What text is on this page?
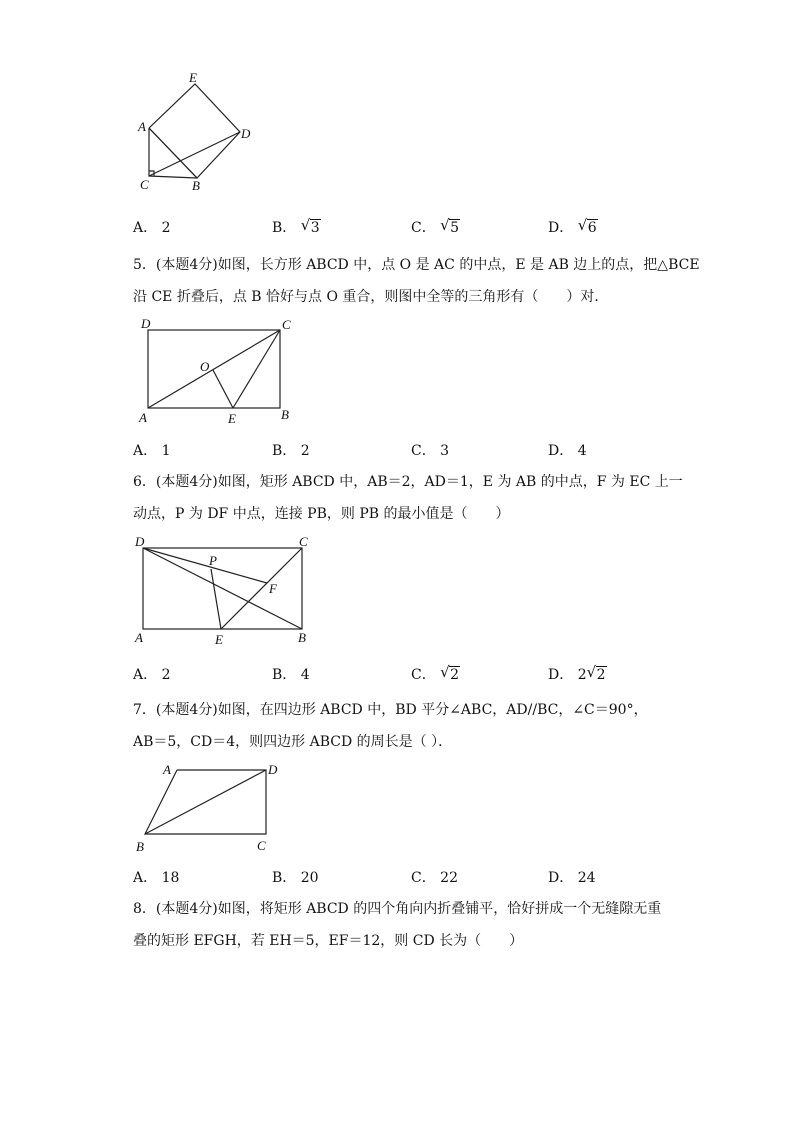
E
A	D
C	B
A． 2	B． √ 3	C． √ 5	D． √ 6

5．(本题4分)如图，长方形 ABCD 中，点 O 是 AC 的中点，E 是 AB 边上的点，把△BCE

沿 CE 折叠后，点 B 恰好与点 O 重合，则图中全等的三角形有（　　）对．

D	C
O
A	E	B
A． 1	B． 2	C． 3	D． 4

6．(本题4分)如图，矩形 ABCD 中，AB＝2，AD＝1，E 为 AB 的中点，F 为 EC 上一

动点，P 为 DF 中点，连接 PB，则 PB 的最小值是（　　）

D	C
P
F
A	E	B
A． 2	B． 4	C． √ 2	D． 2 √ 2

7．(本题4分)如图，在四边形 ABCD 中，BD 平分∠ABC，AD//BC，∠C＝90°，

AB＝5，CD＝4，则四边形 ABCD 的周长是（ ）．

A	D
B	C
A． 18	B． 20	C． 22	D． 24

8．(本题4分)如图，将矩形 ABCD 的四个角向内折叠铺平，恰好拼成一个无缝隙无重

叠的矩形 EFGH，若 EH＝5，EF＝12，则 CD 长为（　　）
